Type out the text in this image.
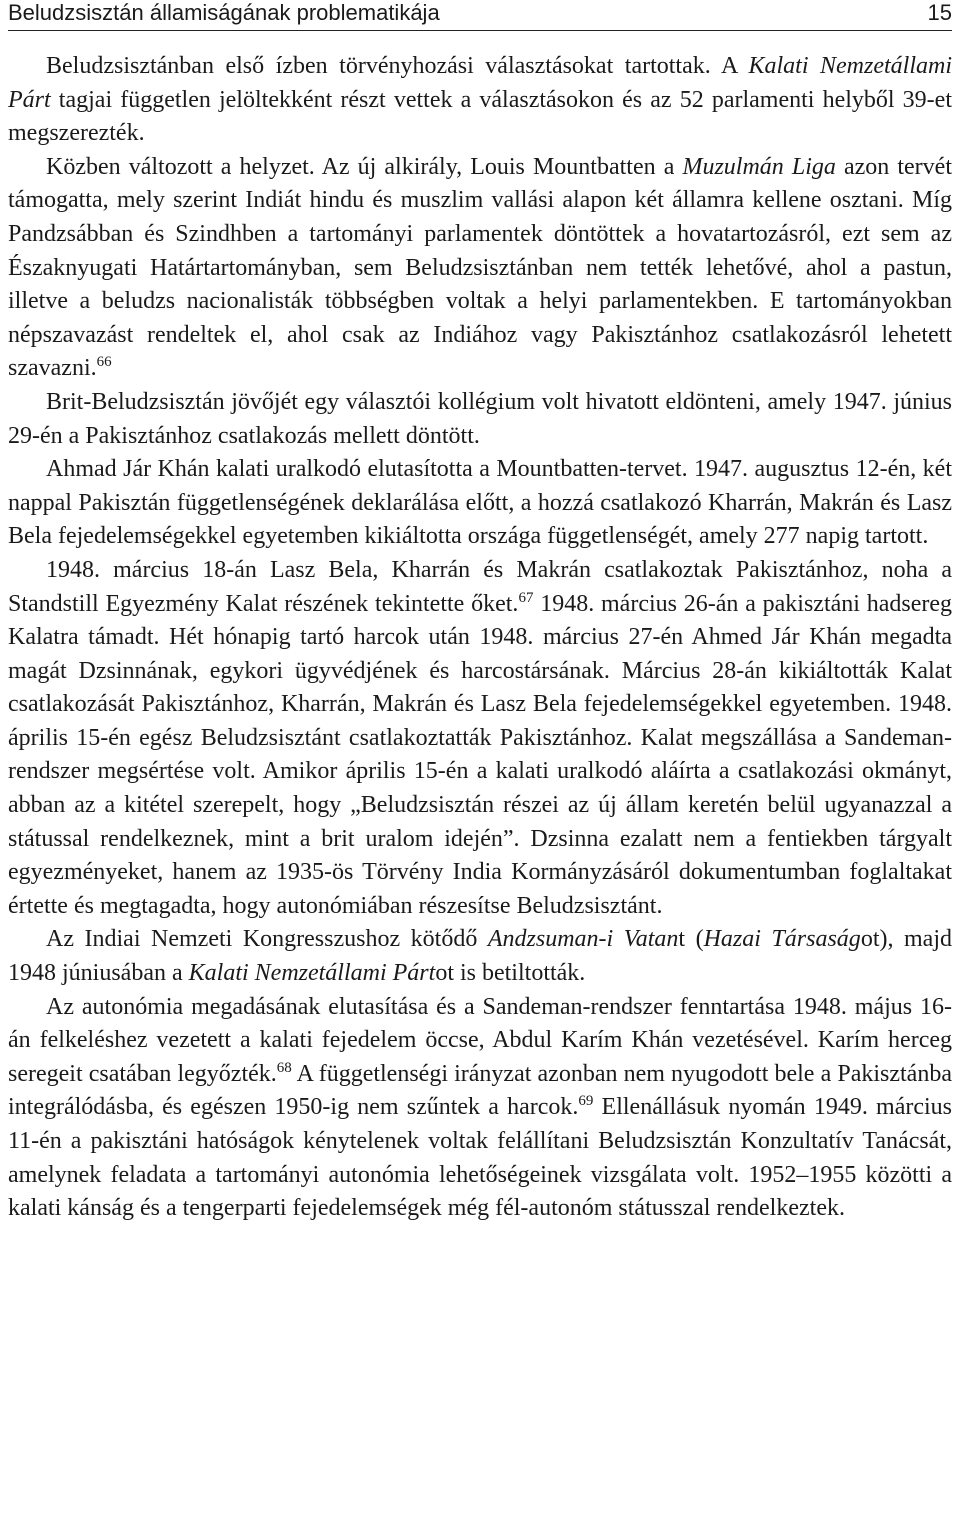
Beludzsisztán államiságának problematikája	15

Beludzsisztánban első ízben törvényhozási választásokat tartottak. A Kalati Nemzetállami Párt tagjai független jelöltekként részt vettek a választásokon és az 52 parlamenti helyből 39-et megszerezték.

Közben változott a helyzet. Az új alkirály, Louis Mountbatten a Muzulmán Liga azon tervét támogatta, mely szerint Indiát hindu és muszlim vallási alapon két államra kellene osztani. Míg Pandzsábban és Szindhben a tartományi parlamentek döntöttek a hovatartozásról, ezt sem az Északnyugati Határtartományban, sem Beludzsisztánban nem tették lehetővé, ahol a pastun, illetve a beludzs nacionalisták többségben voltak a helyi parlamentekben. E tartományokban népszavazást rendeltek el, ahol csak az Indiához vagy Pakisztánhoz csatlakozásról lehetett szavazni.$^{66}$

Brit-Beludzsisztán jövőjét egy választói kollégium volt hivatott eldönteni, amely 1947. június 29-én a Pakisztánhoz csatlakozás mellett döntött.

Ahmad Jár Khán kalati uralkodó elutasította a Mountbatten-tervet. 1947. augusztus 12-én, két nappal Pakisztán függetlenségének deklarálása előtt, a hozzá csatlakozó Kharrán, Makrán és Lasz Bela fejedelemségekkel egyetemben kikiáltotta országa függetlenségét, amely 277 napig tartott.

1948. március 18-án Lasz Bela, Kharrán és Makrán csatlakoztak Pakisztánhoz, noha a Standstill Egyezmény Kalat részének tekintette őket.$^{67}$ 1948. március 26-án a pakisztáni hadsereg Kalatra támadt. Hét hónapig tartó harcok után 1948. március 27-én Ahmed Jár Khán megadta magát Dzsinnának, egykori ügyvédjének és harcostársának. Március 28-án kikiáltották Kalat csatlakozását Pakisztánhoz, Kharrán, Makrán és Lasz Bela fejedelemségekkel egyetemben. 1948. április 15-én egész Beludzsisztánt csatlakoztatták Pakisztánhoz. Kalat megszállása a Sandeman-rendszer megsértése volt. Amikor április 15-én a kalati uralkodó aláírta a csatlakozási okmányt, abban az a kitétel szerepelt, hogy „Beludzsisztán részei az új állam keretén belül ugyanazzal a státussal rendelkeznek, mint a brit uralom idején”. Dzsinna ezalatt nem a fentiekben tárgyalt egyezményeket, hanem az 1935-ös Törvény India Kormányzásáról dokumentumban foglaltakat értette és megtagadta, hogy autonómiában részesítse Beludzsisztánt.

Az Indiai Nemzeti Kongresszushoz kötődő Andzsuman-i Vatant (Hazai Társaságot), majd 1948 júniusában a Kalati Nemzetállami Pártot is betiltották.

Az autonómia megadásának elutasítása és a Sandeman-rendszer fenntartása 1948. május 16-án felkeléshez vezetett a kalati fejedelem öccse, Abdul Karím Khán vezetésével. Karím herceg seregeit csatában legyőzték.$^{68}$ A függetlenségi irányzat azonban nem nyugodott bele a Pakisztánba integrálódásba, és egészen 1950-ig nem szűntek a harcok.$^{69}$ Ellenállásuk nyomán 1949. március 11-én a pakisztáni hatóságok kénytelenek voltak felállítani Beludzsisztán Konzultatív Tanácsát, amelynek feladata a tartományi autonómia lehetőségeinek vizsgálata volt. 1952–1955 közötti a kalati kánság és a tengerparti fejedelemségek még fél-autonóm státusszal rendelkeztek.
